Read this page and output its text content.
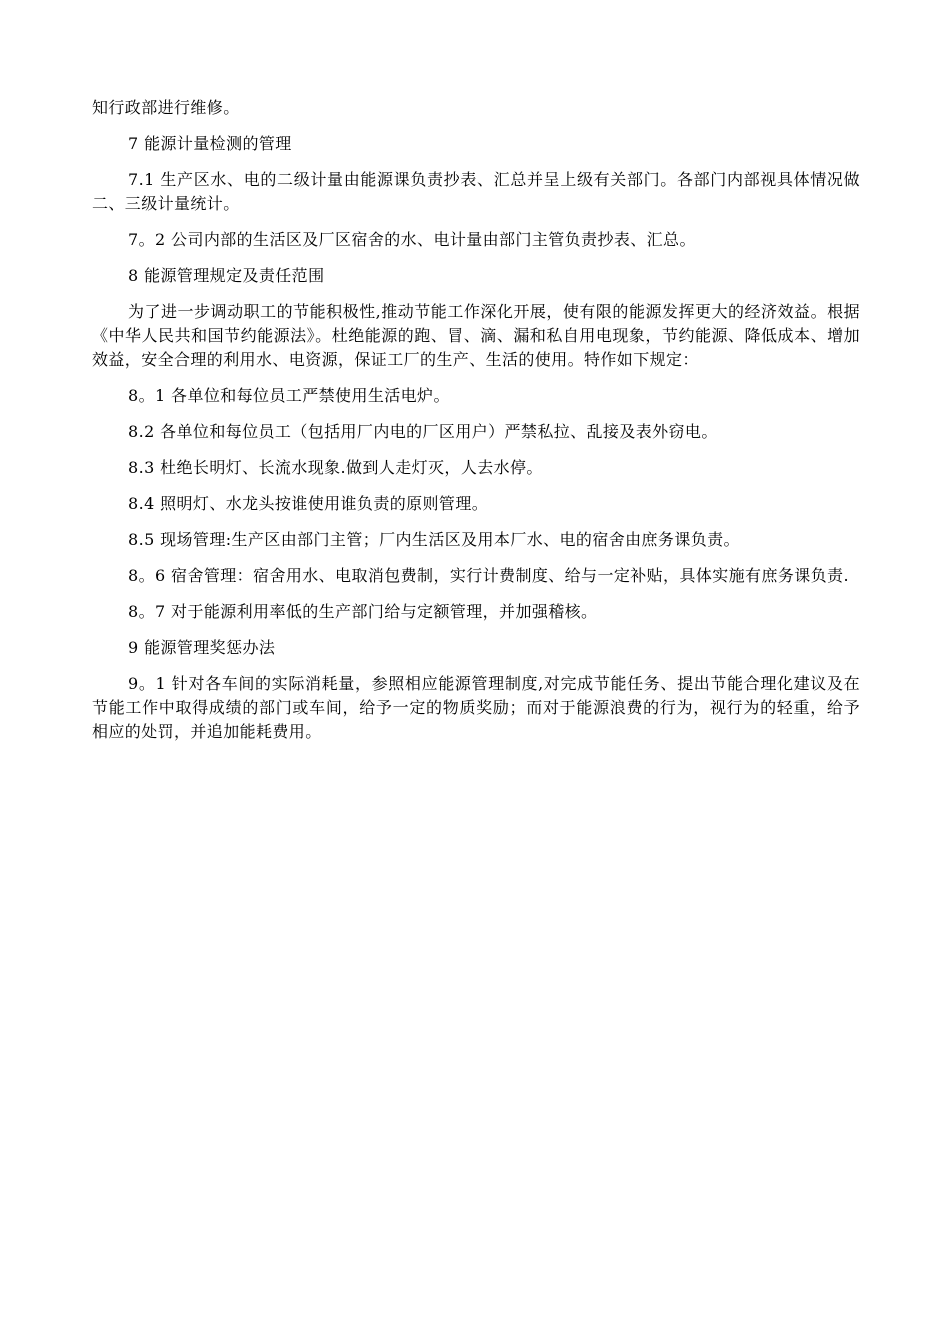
知行政部进行维修。

7 能源计量检测的管理

7.1 生产区水、电的二级计量由能源课负责抄表、汇总并呈上级有关部门。各部门内部视具体情况做二、三级计量统计。

7。2 公司内部的生活区及厂区宿舍的水、电计量由部门主管负责抄表、汇总。

8 能源管理规定及责任范围

为了进一步调动职工的节能积极性,推动节能工作深化开展，使有限的能源发挥更大的经济效益。根据《中华人民共和国节约能源法》。杜绝能源的跑、冒、滴、漏和私自用电现象，节约能源、降低成本、增加效益，安全合理的利用水、电资源，保证工厂的生产、生活的使用。特作如下规定：

8。1 各单位和每位员工严禁使用生活电炉。

8.2 各单位和每位员工（包括用厂内电的厂区用户）严禁私拉、乱接及表外窃电。

8.3 杜绝长明灯、长流水现象.做到人走灯灭，人去水停。

8.4 照明灯、水龙头按谁使用谁负责的原则管理。

8.5 现场管理:生产区由部门主管；厂内生活区及用本厂水、电的宿舍由庶务课负责。

8。6 宿舍管理：宿舍用水、电取消包费制，实行计费制度、给与一定补贴，具体实施有庶务课负责.

8。7 对于能源利用率低的生产部门给与定额管理，并加强稽核。

9 能源管理奖惩办法

9。1 针对各车间的实际消耗量，参照相应能源管理制度,对完成节能任务、提出节能合理化建议及在节能工作中取得成绩的部门或车间，给予一定的物质奖励；而对于能源浪费的行为，视行为的轻重，给予相应的处罚，并追加能耗费用。
